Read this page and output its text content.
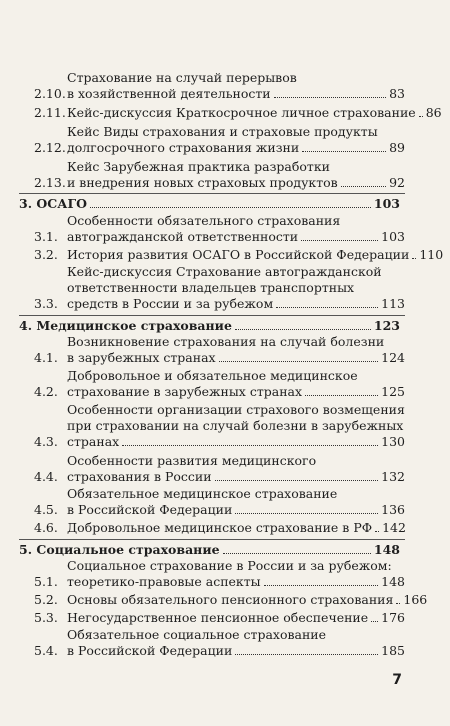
2.10.
Страхование на случай перерывов
в хозяйственной деятельности	83
2.11. Кейс-дискуссия Краткосрочное личное страхование 86
2.12.
Кейс Виды страхования и страховые продукты
долгосрочного страхования жизни	89
2.13.
Кейс Зарубежная практика разработки
и внедрения новых страховых продуктов	92
3.
ОСАГО	103
3.1.
Особенности обязательного страхования
автогражданской ответственности	103
3.2. История развития ОСАГО в Российской Федерации 110
3.3.
Кейс-дискуссия Страхование автогражданской
ответственности владельцев транспортных
средств в России и за рубежом	113
4.
Медицинское страхование	123
4.1.
Возникновение страхования на случай болезни
в зарубежных странах	124
4.2.
Добровольное и обязательное медицинское
страхование в зарубежных странах	125
4.3.
Особенности организации страхового возмещения
при страховании на случай болезни в зарубежных
странах	130
4.4.
Особенности развития медицинского
страхования в России	132
4.5.
Обязательное медицинское страхование
в Российской Федерации	136
4.6. Добровольное медицинское страхование в РФ 142
5.
Социальное страхование	148
5.1.
Социальное страхование в России и за рубежом:
теоретико-правовые аспекты	148
5.2. Основы обязательного пенсионного страхования 166
5.3. Негосударственное пенсионное обеспечение 176
5.4.
Обязательное социальное страхование
в Российской Федерации	185
7
